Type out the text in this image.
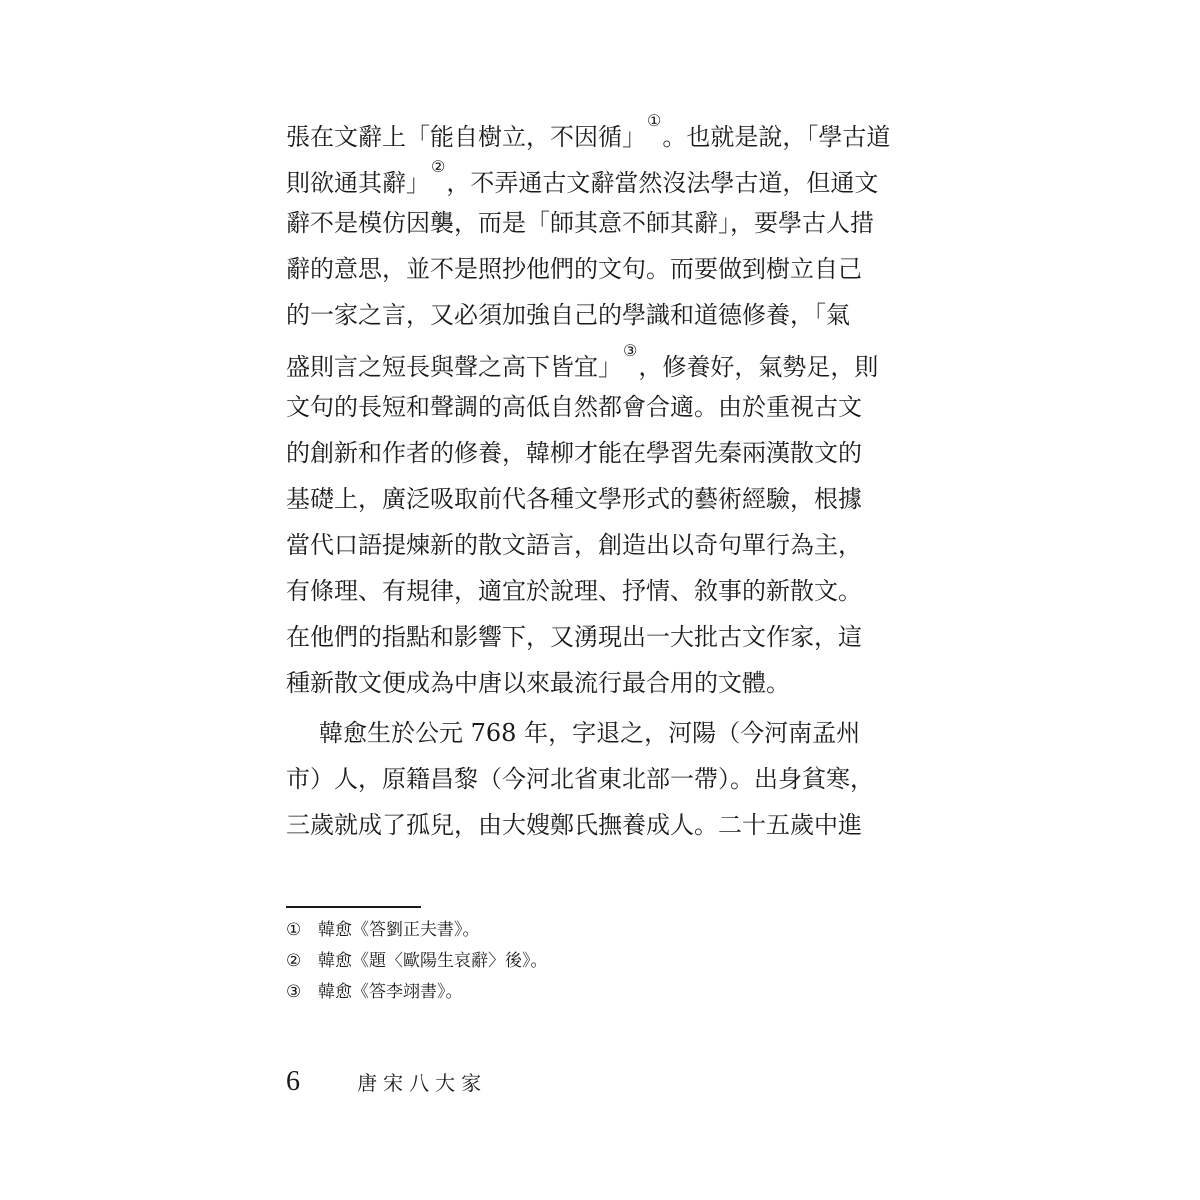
張在文辭上「能自樹立，不因循」①。也就是說，「學古道
則欲通其辭」②，不弄通古文辭當然沒法學古道，但通文
辭不是模仿因襲，而是「師其意不師其辭」，要學古人措
辭的意思，並不是照抄他們的文句。而要做到樹立自己
的一家之言，又必須加強自己的學識和道德修養，「氣
盛則言之短長與聲之高下皆宜」③，修養好，氣勢足，則
文句的長短和聲調的高低自然都會合適。由於重視古文
的創新和作者的修養，韓柳才能在學習先秦兩漢散文的
基礎上，廣泛吸取前代各種文學形式的藝術經驗，根據
當代口語提煉新的散文語言，創造出以奇句單行為主，
有條理、有規律，適宜於說理、抒情、敘事的新散文。
在他們的指點和影響下，又湧現出一大批古文作家，這
種新散文便成為中唐以來最流行最合用的文體。
韓愈生於公元 768 年，字退之，河陽（今河南孟州
市）人，原籍昌黎（今河北省東北部一帶）。出身貧寒，
三歲就成了孤兒，由大嫂鄭氏撫養成人。二十五歲中進
① 韓愈《答劉正夫書》。
② 韓愈《題〈歐陽生哀辭〉後》。
③ 韓愈《答李翊書》。
6	唐宋八大家
